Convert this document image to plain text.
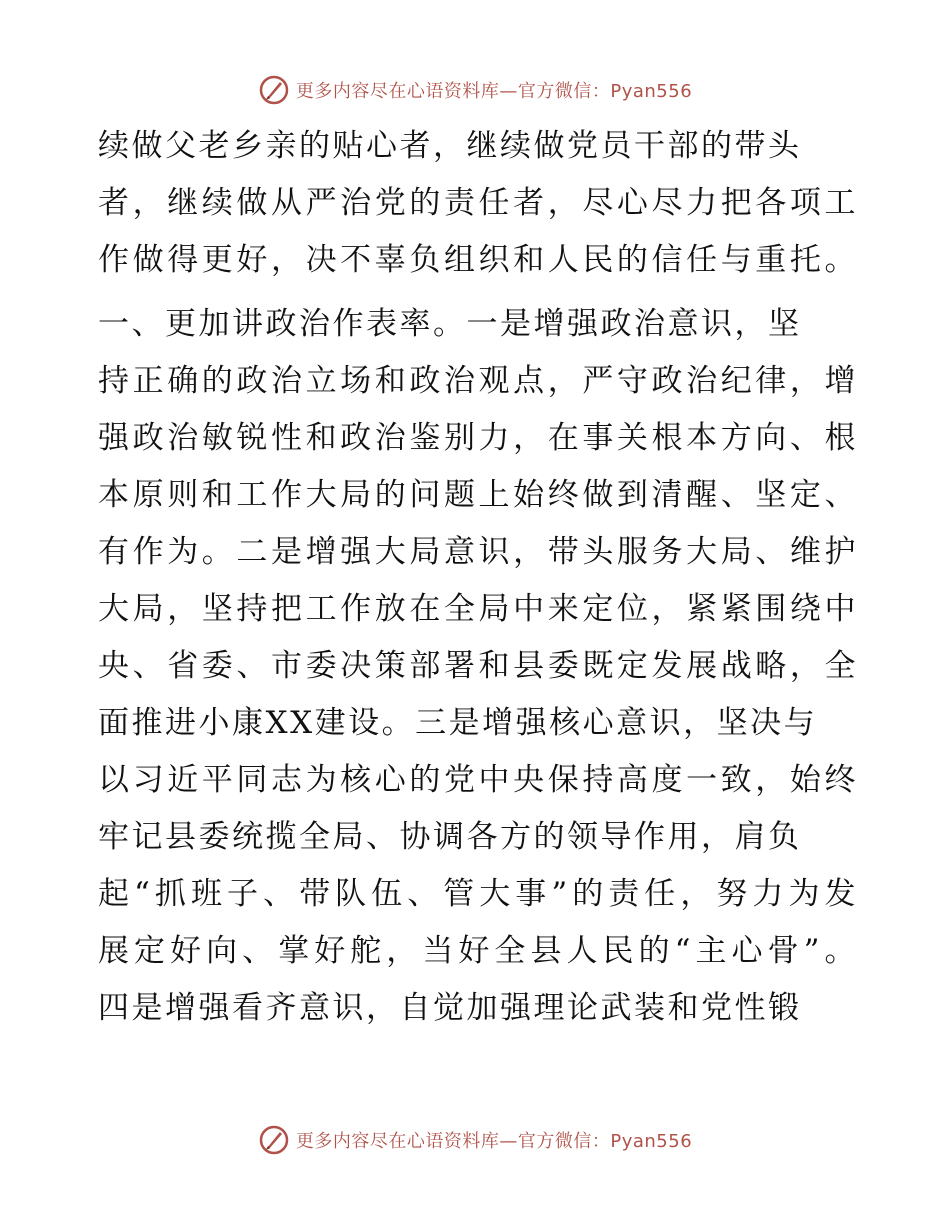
更多内容尽在心语资料库—官方微信：Pyan556
续做父老乡亲的贴心者，继续做党员干部的带头
者，继续做从严治党的责任者，尽心尽力把各项工
作做得更好，决不辜负组织和人民的信任与重托。
一、更加讲政治作表率。一是增强政治意识，坚
持正确的政治立场和政治观点，严守政治纪律，增
强政治敏锐性和政治鉴别力，在事关根本方向、根
本原则和工作大局的问题上始终做到清醒、坚定、
有作为。二是增强大局意识，带头服务大局、维护
大局，坚持把工作放在全局中来定位，紧紧围绕中
央、省委、市委决策部署和县委既定发展战略，全
面推进小康XX建设。三是增强核心意识，坚决与
以习近平同志为核心的党中央保持高度一致，始终
牢记县委统揽全局、协调各方的领导作用，肩负
起“抓班子、带队伍、管大事”的责任，努力为发
展定好向、掌好舵，当好全县人民的“主心骨”。
四是增强看齐意识，自觉加强理论武装和党性锻
更多内容尽在心语资料库—官方微信：Pyan556
